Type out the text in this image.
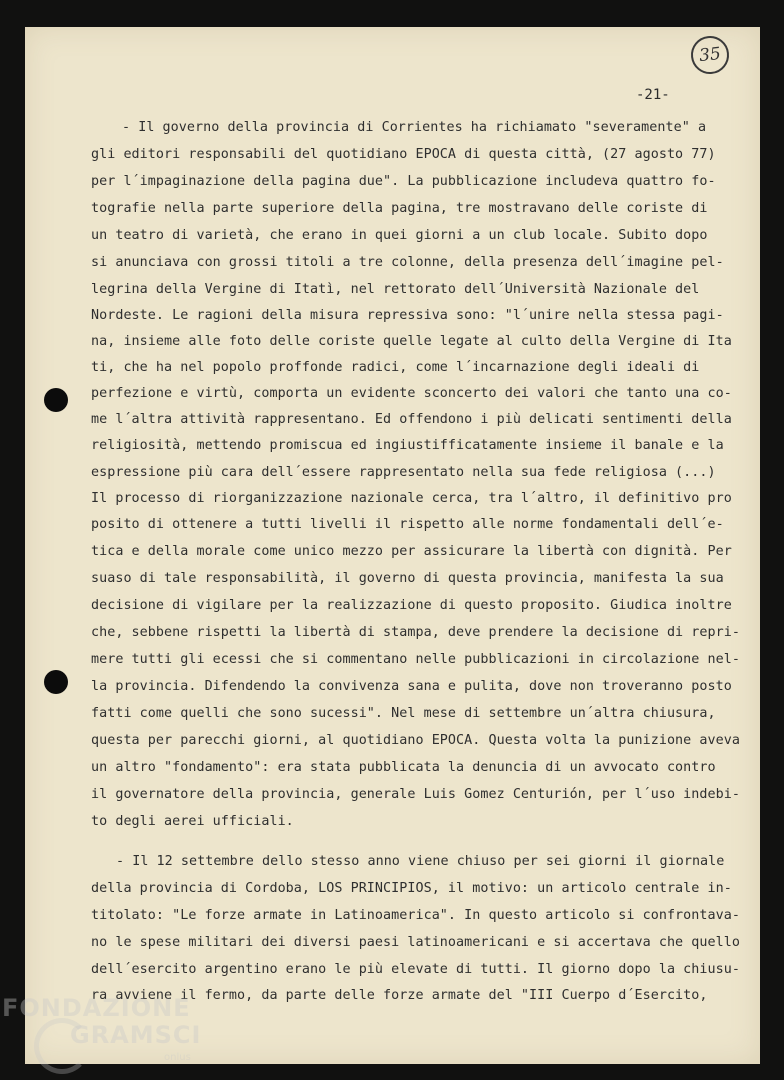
35
-21-
- Il governo della provincia di Corrientes ha richiamato "severamente" a
gli editori responsabili del quotidiano EPOCA di questa città, (27 agosto 77)
per l´impaginazione della pagina due". La pubblicazione includeva quattro fo-
tografie nella parte superiore della pagina, tre mostravano delle coriste di
un teatro di varietà, che erano in quei giorni a un club locale. Subito dopo
si anunciava con grossi titoli a tre colonne, della presenza dell´imagine pel-
legrina della Vergine di Itatì, nel rettorato dell´Università Nazionale del
Nordeste. Le ragioni della misura repressiva sono: "l´unire nella stessa pagi-
na, insieme alle foto delle coriste quelle legate al culto della Vergine di Ita
ti, che ha nel popolo proffonde radici, come l´incarnazione degli ideali di
perfezione e virtù, comporta un evidente sconcerto dei valori che tanto una co-
me l´altra attività rappresentano. Ed offendono i più delicati sentimenti della
religiosità, mettendo promiscua ed ingiustifficatamente insieme il banale e la
espressione più cara dell´essere rappresentato nella sua fede religiosa (...)
Il processo di riorganizzazione nazionale cerca, tra l´altro, il definitivo pro
posito di ottenere a tutti livelli il rispetto alle norme fondamentali dell´e-
tica e della morale come unico mezzo per assicurare la libertà con dignità. Per
suaso di tale responsabilità, il governo di questa provincia, manifesta la sua
decisione di vigilare per la realizzazione di questo proposito. Giudica inoltre
che, sebbene rispetti la libertà di stampa, deve prendere la decisione di repri-
mere tutti gli ecessi che si commentano nelle pubblicazioni in circolazione nel-
la provincia. Difendendo la convivenza sana e pulita, dove non troveranno posto
fatti come quelli che sono sucessi". Nel mese di settembre un´altra chiusura,
questa per parecchi giorni, al quotidiano EPOCA. Questa volta la punizione aveva
un altro "fondamento": era stata pubblicata la denuncia di un avvocato contro
il governatore della provincia, generale Luis Gomez Centurión, per l´uso indebi-
to degli aerei ufficiali.
- Il 12 settembre dello stesso anno viene chiuso per sei giorni il giornale
della provincia di Cordoba, LOS PRINCIPIOS, il motivo: un articolo centrale in-
titolato: "Le forze armate in Latinoamerica". In questo articolo si confrontava-
no le spese militari dei diversi paesi latinoamericani e si accertava che quello
dell´esercito argentino erano le più elevate di tutti. Il giorno dopo la chiusu-
ra avviene il fermo, da parte delle forze armate del "III Cuerpo d´Esercito,
FONDAZIONE
GRAMSCI
onlus
